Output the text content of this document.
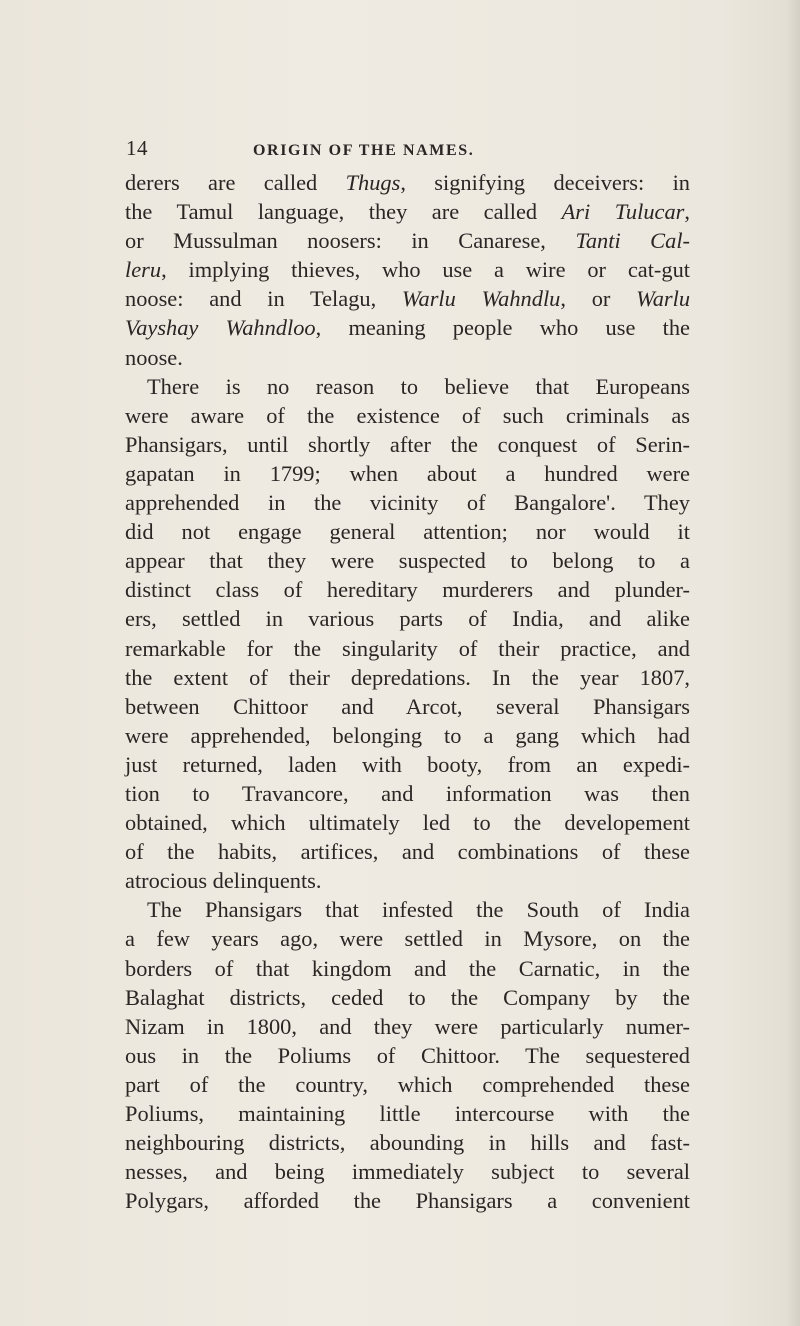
14	ORIGIN OF THE NAMES.
derers are called Thugs, signifying deceivers: in
the Tamul language, they are called Ari Tulucar,
or Mussulman noosers: in Canarese, Tanti Cal-
leru, implying thieves, who use a wire or cat-gut
noose: and in Telagu, Warlu Wahndlu, or Warlu
Vayshay Wahndloo, meaning people who use the
noose.
There is no reason to believe that Europeans
were aware of the existence of such criminals as
Phansigars, until shortly after the conquest of Serin-
gapatan in 1799; when about a hundred were
apprehended in the vicinity of Bangalore'. They
did not engage general attention; nor would it
appear that they were suspected to belong to a
distinct class of hereditary murderers and plunder-
ers, settled in various parts of India, and alike
remarkable for the singularity of their practice, and
the extent of their depredations. In the year 1807,
between Chittoor and Arcot, several Phansigars
were apprehended, belonging to a gang which had
just returned, laden with booty, from an expedi-
tion to Travancore, and information was then
obtained, which ultimately led to the developement
of the habits, artifices, and combinations of these
atrocious delinquents.
The Phansigars that infested the South of India
a few years ago, were settled in Mysore, on the
borders of that kingdom and the Carnatic, in the
Balaghat districts, ceded to the Company by the
Nizam in 1800, and they were particularly numer-
ous in the Poliums of Chittoor. The sequestered
part of the country, which comprehended these
Poliums, maintaining little intercourse with the
neighbouring districts, abounding in hills and fast-
nesses, and being immediately subject to several
Polygars, afforded the Phansigars a convenient
